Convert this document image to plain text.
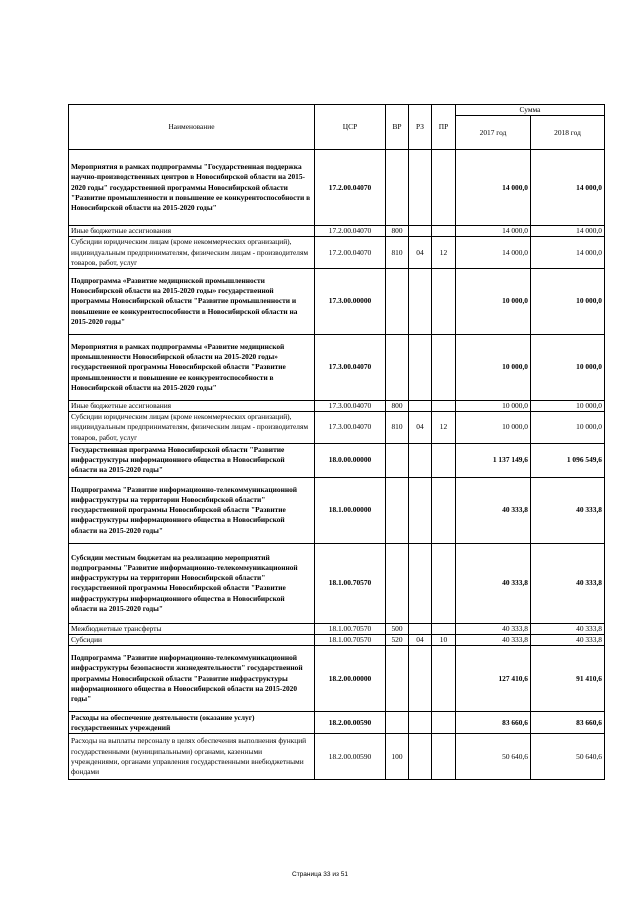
Наименование	ЦСР	ВР	РЗ	ПР	Сумма	
					2017 год	2018 год
Мероприятия в рамках подпрограммы "Государственная поддержка научно-производственных центров в Новосибирской области на 2015-2020 годы" государственной программы Новосибирской области "Развитие промышленности и повышение ее конкурентоспособности в Новосибирской области на 2015-2020 годы"	17.2.00.04070				14 000,0	14 000,0
Иные бюджетные ассигнования	17.2.00.04070	800			14 000,0	14 000,0
Субсидии юридическим лицам (кроме некоммерческих организаций), индивидуальным предпринимателям, физическим лицам - производителям товаров, работ, услуг	17.2.00.04070	810	04	12	14 000,0	14 000,0
Подпрограмма «Развитие медицинской промышленности Новосибирской области на 2015-2020 годы» государственной программы Новосибирской области "Развитие промышленности и повышение ее конкурентоспособности в Новосибирской области на 2015-2020 годы"	17.3.00.00000				10 000,0	10 000,0
Мероприятия в рамках подпрограммы «Развитие медицинской промышленности Новосибирской области на 2015-2020 годы» государственной программы Новосибирской области "Развитие промышленности и повышение ее конкурентоспособности в Новосибирской области на 2015-2020 годы"	17.3.00.04070				10 000,0	10 000,0
Иные бюджетные ассигнования	17.3.00.04070	800			10 000,0	10 000,0
Субсидии юридическим лицам (кроме некоммерческих организаций), индивидуальным предпринимателям, физическим лицам - производителям товаров, работ, услуг	17.3.00.04070	810	04	12	10 000,0	10 000,0
Государственная программа Новосибирской области "Развитие инфраструктуры информационного общества в Новосибирской области на 2015-2020 годы"	18.0.00.00000				1 137 149,6	1 096 549,6
Подпрограмма "Развитие информационно-телекоммуникационной инфраструктуры на территории Новосибирской области" государственной программы Новосибирской области "Развитие инфраструктуры информационного общества в Новосибирской области на 2015-2020 годы"	18.1.00.00000				40 333,8	40 333,8
Субсидии местным бюджетам на реализацию мероприятий подпрограммы "Развитие информационно-телекоммуникационной инфраструктуры на территории Новосибирской области" государственной программы Новосибирской области "Развитие инфраструктуры информационного общества в Новосибирской области на 2015-2020 годы"	18.1.00.70570				40 333,8	40 333,8
Межбюджетные трансферты	18.1.00.70570	500			40 333,8	40 333,8
Субсидии	18.1.00.70570	520	04	10	40 333,8	40 333,8
Подпрограмма "Развитие информационно-телекоммуникационной инфраструктуры безопасности жизнедеятельности" государственной программы Новосибирской области "Развитие инфраструктуры информационного общества в Новосибирской области на 2015-2020 годы"	18.2.00.00000				127 410,6	91 410,6
Расходы на обеспечение деятельности (оказание услуг) государственных учреждений	18.2.00.00590				83 660,6	83 660,6
Расходы на выплаты персоналу в целях обеспечения выполнения функций государственными (муниципальными) органами, казенными учреждениями, органами управления государственными внебюджетными фондами	18.2.00.00590	100			50 640,6	50 640,6
Страница 33 из 51
